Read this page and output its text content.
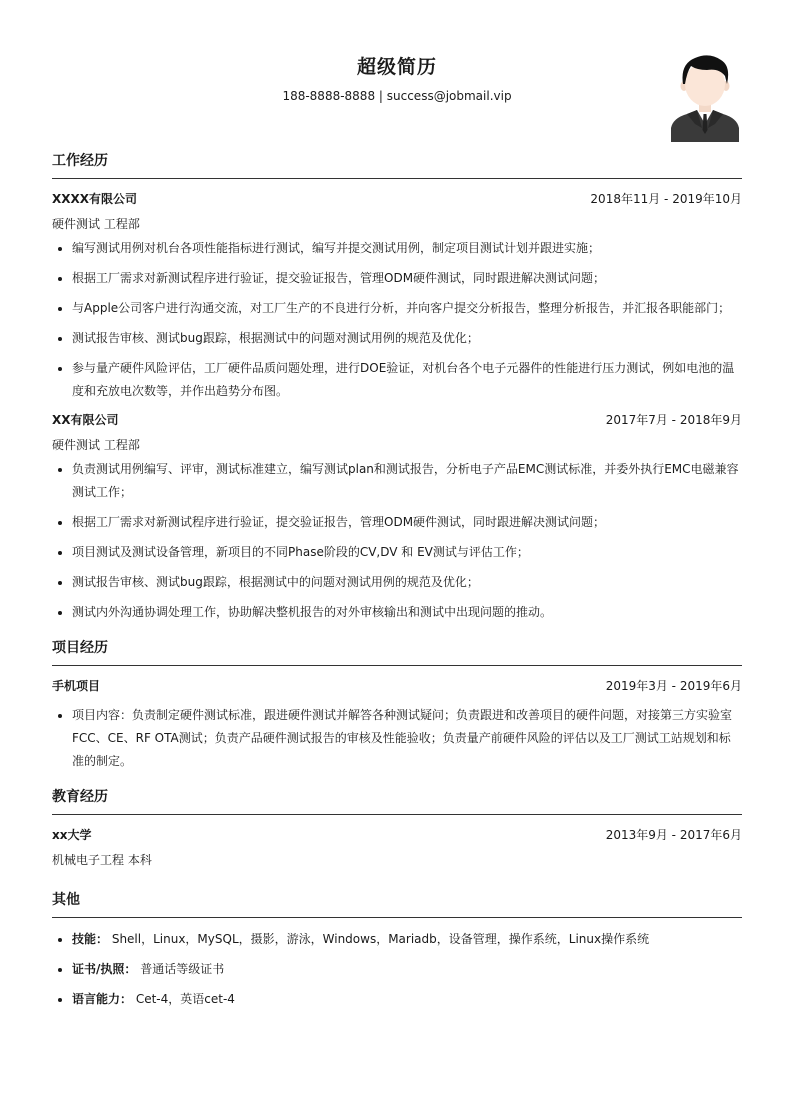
超级简历
188-8888-8888 | success@jobmail.vip
工作经历
XXXX有限公司	2018年11月 - 2019年10月
硬件测试 工程部
• 编写测试用例对机台各项性能指标进行测试，编写并提交测试用例，制定项目测试计划并跟进实施；
• 根据工厂需求对新测试程序进行验证，提交验证报告，管理ODM硬件测试，同时跟进解决测试问题；
• 与Apple公司客户进行沟通交流，对工厂生产的不良进行分析，并向客户提交分析报告，整理分析报告，并汇报各职能部门；
• 测试报告审核、测试bug跟踪，根据测试中的问题对测试用例的规范及优化；
• 参与量产硬件风险评估，工厂硬件品质问题处理，进行DOE验证，对机台各个电子元器件的性能进行压力测试，例如电池的温度和充放电次数等，并作出趋势分布图。
XX有限公司	2017年7月 - 2018年9月
硬件测试 工程部
• 负责测试用例编写、评审，测试标准建立，编写测试plan和测试报告，分析电子产品EMC测试标准，并委外执行EMC电磁兼容测试工作；
• 根据工厂需求对新测试程序进行验证，提交验证报告，管理ODM硬件测试，同时跟进解决测试问题；
• 项目测试及测试设备管理，新项目的不同Phase阶段的CV,DV 和 EV测试与评估工作；
• 测试报告审核、测试bug跟踪，根据测试中的问题对测试用例的规范及优化；
• 测试内外沟通协调处理工作，协助解决整机报告的对外审核输出和测试中出现问题的推动。
项目经历
手机项目	2019年3月 - 2019年6月
• 项目内容：负责制定硬件测试标准，跟进硬件测试并解答各种测试疑问；负责跟进和改善项目的硬件问题，对接第三方实验室FCC、CE、RF OTA测试；负责产品硬件测试报告的审核及性能验收；负责量产前硬件风险的评估以及工厂测试工站规划和标准的制定。
教育经历
xx大学	2013年9月 - 2017年6月
机械电子工程 本科
其他
• 技能： Shell，Linux，MySQL，摄影，游泳，Windows，Mariadb，设备管理，操作系统，Linux操作系统
• 证书/执照： 普通话等级证书
• 语言能力： Cet-4，英语cet-4
